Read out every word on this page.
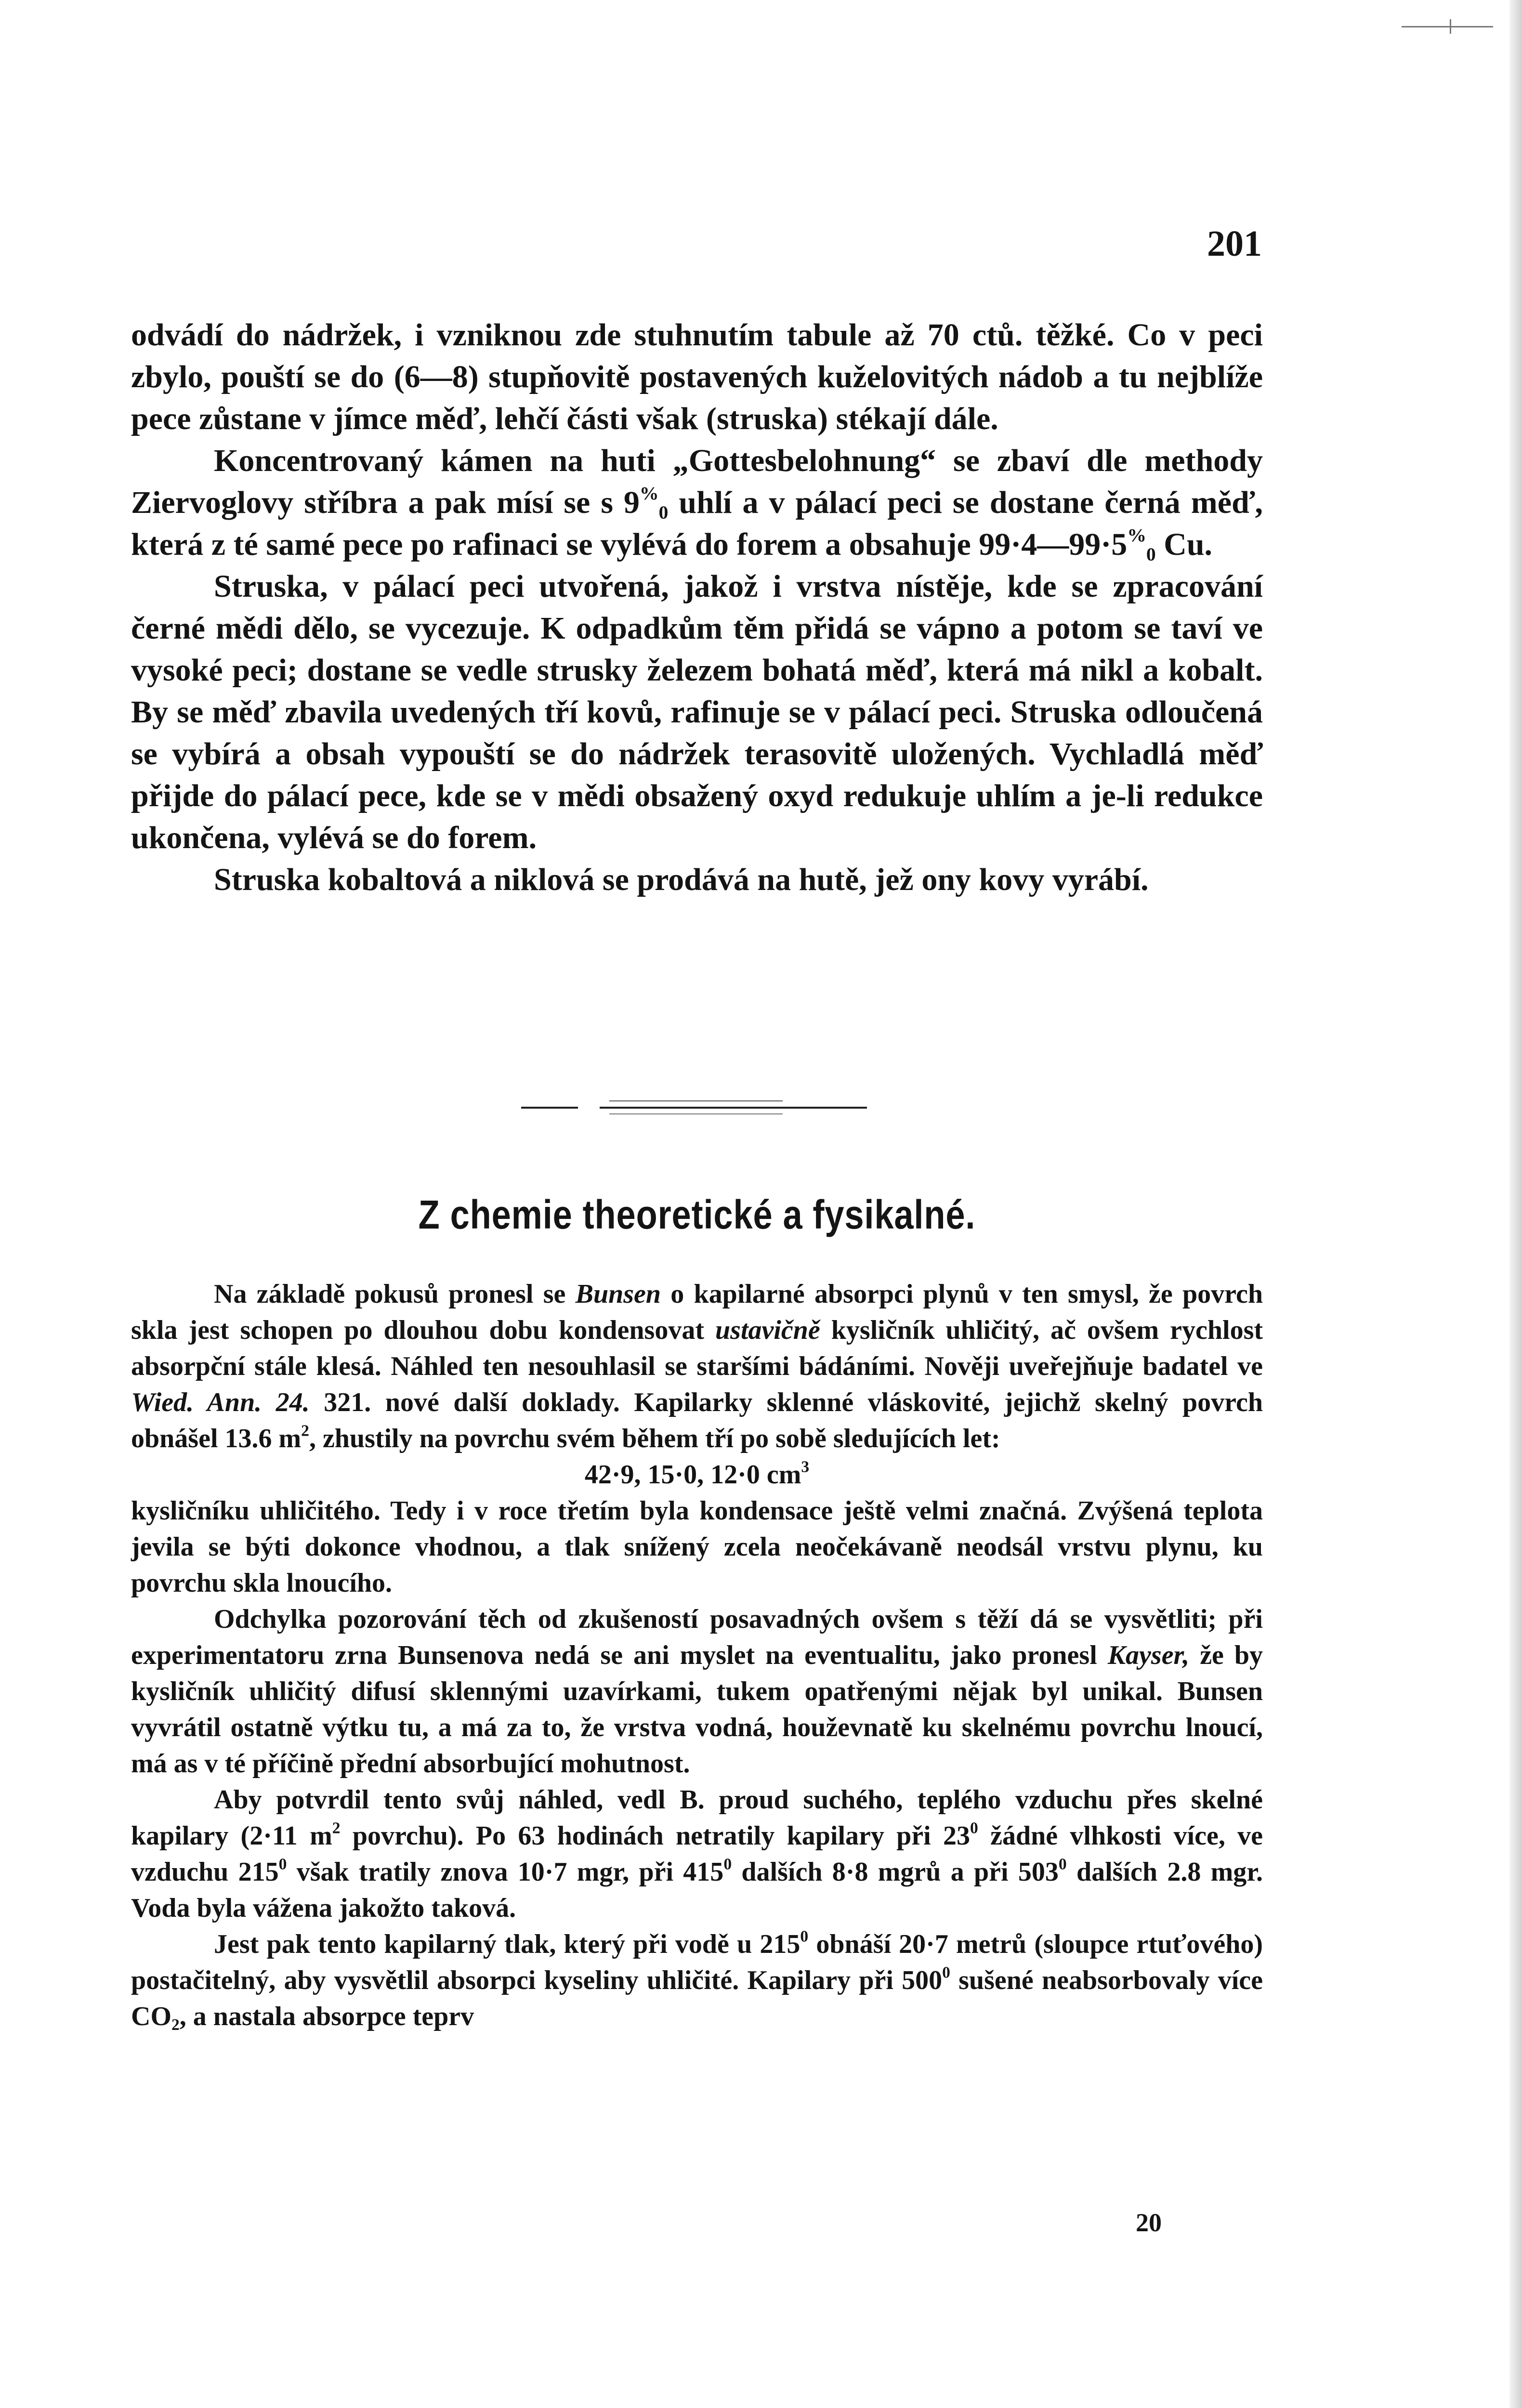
201

odvádí do nádržek, i vzniknou zde stuhnutím tabule až 70 ctů. těžké. Co v peci zbylo, pouští se do (6—8) stupňovitě postavených kuželovitých nádob a tu nejblíže pece zůstane v jímce měď, lehčí části však (struska) stékají dále.

Koncentrovaný kámen na huti „Gottesbelohnung“ se zbaví dle methody Ziervoglovy stříbra a pak mísí se s $9^{\%}_0$ uhlí a v pálací peci se dostane černá měď, která z té samé pece po rafinaci se vylévá do forem a obsahuje $99\cdot 4—99\cdot 5^{\%}_0$ Cu.

Struska, v pálací peci utvořená, jakož i vrstva nístěje, kde se zpracování černé mědi dělo, se vycezuje. K odpadkům těm přidá se vápno a potom se taví ve vysoké peci; dostane se vedle strusky železem bohatá měď, která má nikl a kobalt. By se měď zbavila uvedených tří kovů, rafinuje se v pálací peci. Struska odloučená se vybírá a obsah vypouští se do nádržek terasovitě uložených. Vychladlá měď přijde do pálací pece, kde se v mědi obsažený oxyd redukuje uhlím a je-li redukce ukončena, vylévá se do forem.

Struska kobaltová a niklová se prodává na hutě, jež ony kovy vyrábí.

Z chemie theoretické a fysikalné.

Na základě pokusů pronesl se Bunsen o kapilarné absorpci plynů v ten smysl, že povrch skla jest schopen po dlouhou dobu kondensovat ustavičně kysličník uhličitý, ač ovšem rychlost absorpční stále klesá. Náhled ten nesouhlasil se staršími bádáními. Nověji uveřejňuje badatel ve Wied. Ann. 24. 321. nové další doklady. Kapilarky sklenné vláskovité, jejichž skelný povrch obnášel 13.6 $m^2$, zhustily na povrchu svém během tří po sobě sledujících let:

42·9, 15·0, 12·0 $cm^3$

kysličníku uhličitého. Tedy i v roce třetím byla kondensace ještě velmi značná. Zvýšená teplota jevila se býti dokonce vhodnou, a tlak snížený zcela neočekávaně neodsál vrstvu plynu, ku povrchu skla lnoucího.

Odchylka pozorování těch od zkušeností posavadných ovšem s těží dá se vysvětliti; při experimentatoru zrna Bunsenova nedá se ani myslet na eventualitu, jako pronesl Kayser, že by kysličník uhličitý difusí sklennými uzavírkami, tukem opatřenými nějak byl unikal. Bunsen vyvrátil ostatně výtku tu, a má za to, že vrstva vodná, houževnatě ku skelnému povrchu lnoucí, má as v té příčině přední absorbující mohutnost.

Aby potvrdil tento svůj náhled, vedl B. proud suchého, teplého vzduchu přes skelné kapilary (2·11 $m^2$ povrchu). Po 63 hodinách netratily kapilary při $23^0$ žádné vlhkosti více, ve vzduchu $215^0$ však tratily znova 10·7 mgr, při $415^0$ dalších 8·8 mgrů a při $503^0$ dalších 2.8 mgr. Voda byla vážena jakožto taková.

Jest pak tento kapilarný tlak, který při vodě u $215^0$ obnáší 20·7 metrů (sloupce rtuťového) postačitelný, aby vysvětlil absorpci kyseliny uhličité. Kapilary při $500^0$ sušené neabsorbovaly více $CO_2$, a nastala absorpce teprv

20
